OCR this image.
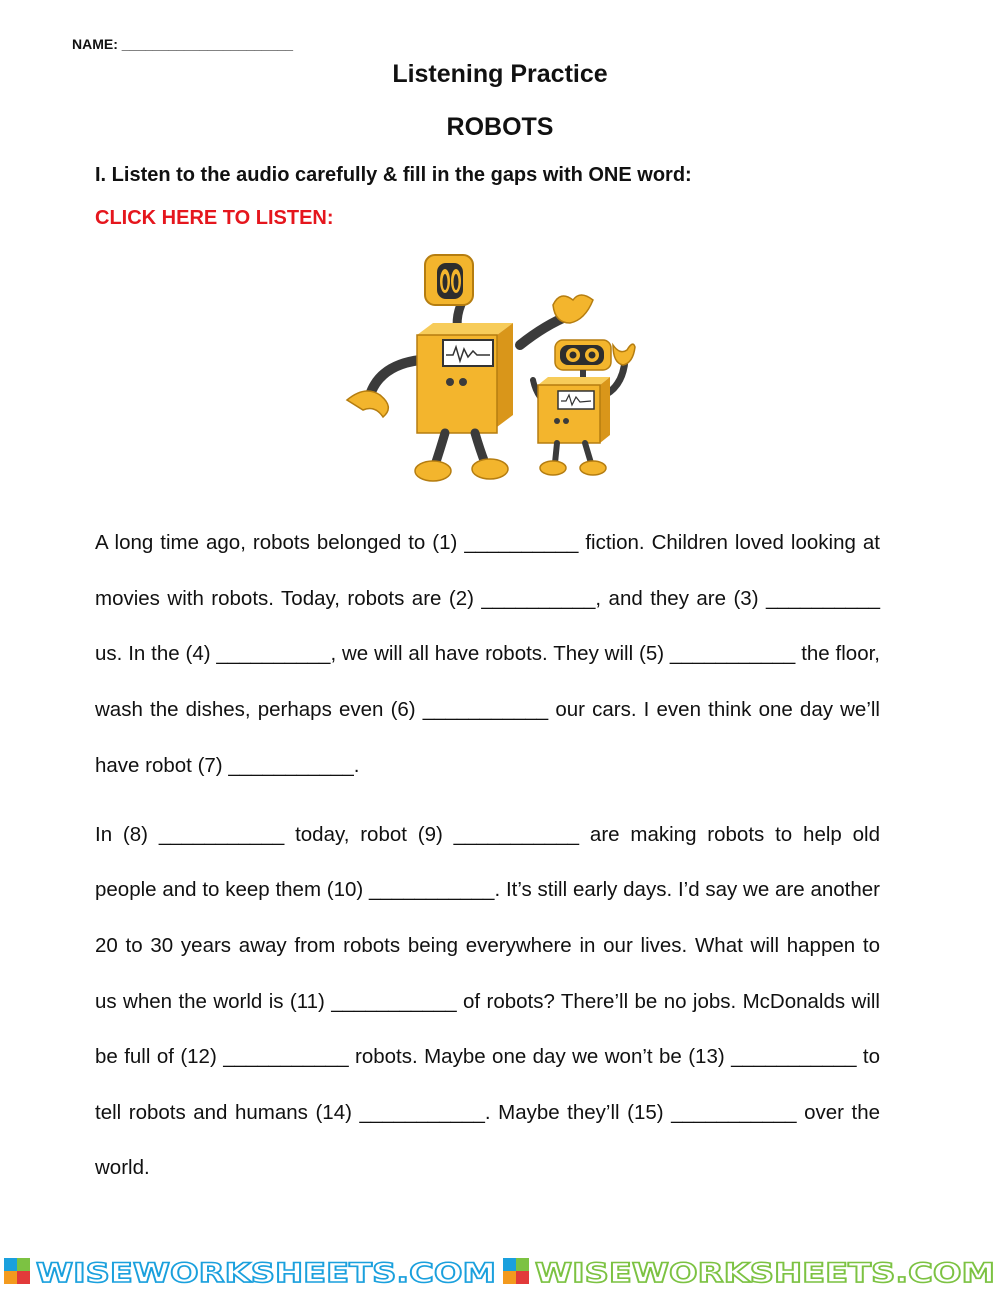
NAME: ______________________
Listening Practice
ROBOTS
I. Listen to the audio carefully & fill in the gaps with ONE word:
CLICK HERE TO LISTEN:
A long time ago, robots belonged to (1) __________ fiction. Children loved looking at
movies with robots. Today, robots are (2) __________, and they are (3) __________
us. In the (4) __________, we will all have robots. They will (5) ___________ the floor,
wash the dishes, perhaps even (6) ___________ our cars. I even think one day we’ll
have robot (7) ___________.
In (8) ___________ today, robot (9) ___________ are making robots to help old
people and to keep them (10) ___________. It’s still early days. I’d say we are another
20 to 30 years away from robots being everywhere in our lives. What will happen to
us when the world is (11) ___________ of robots? There’ll be no jobs. McDonalds will
be full of (12) ___________ robots. Maybe one day we won’t be (13) ___________ to
tell robots and humans (14) ___________. Maybe they’ll (15) ___________ over the
world.
WISEWORKSHEETS.COM WISEWORKSHEETS.COM
